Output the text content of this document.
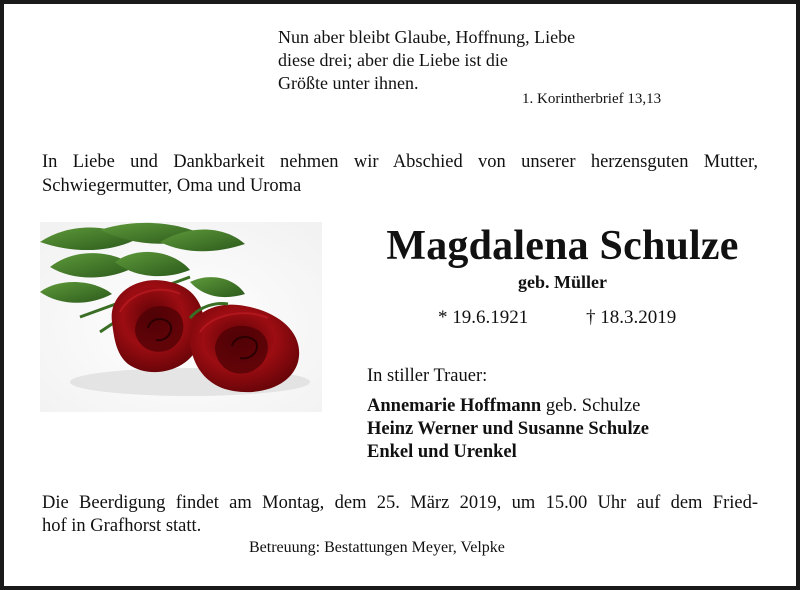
Nun aber bleibt Glaube, Hoffnung, Liebe
diese drei; aber die Liebe ist die
Größte unter ihnen.
1. Korintherbrief 13,13
In Liebe und Dankbarkeit nehmen wir Abschied von unserer herzensguten Mutter,
Schwiegermutter, Oma und Uroma
Magdalena Schulze
geb. Müller
* 19.6.1921	† 18.3.2019
In stiller Trauer:
Annemarie Hoffmann geb. Schulze
Heinz Werner und Susanne Schulze
Enkel und Urenkel
Die Beerdigung findet am Montag, dem 25. März 2019, um 15.00 Uhr auf dem Fried-
hof in Grafhorst statt.
Betreuung: Bestattungen Meyer, Velpke
